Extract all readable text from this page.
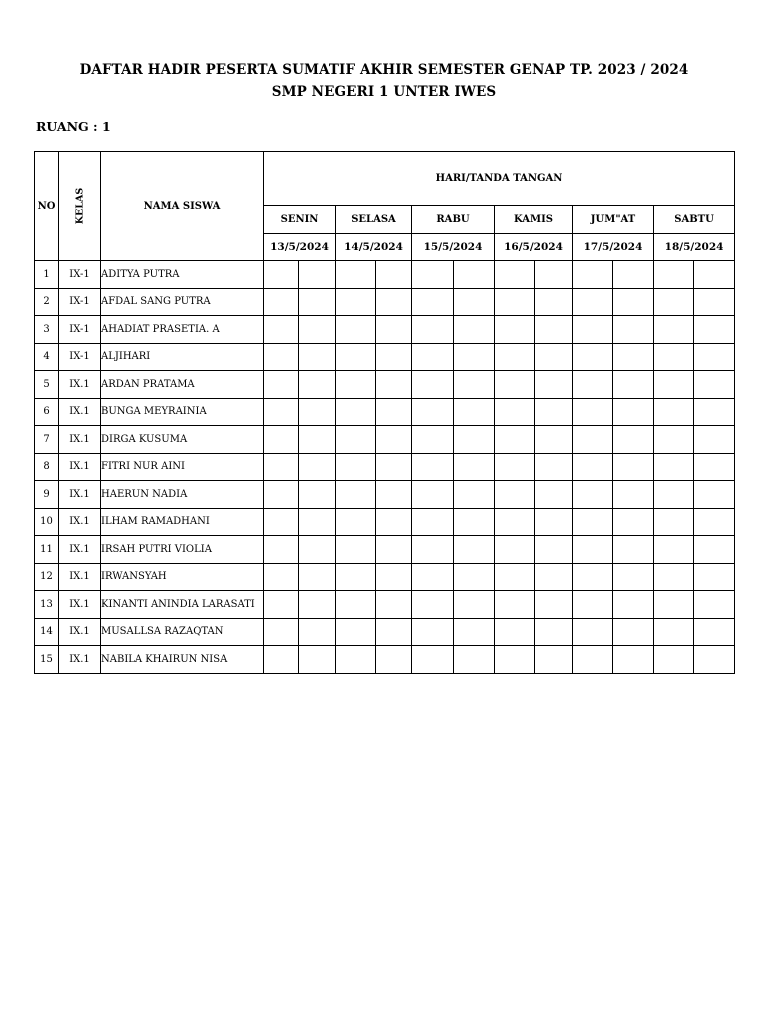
DAFTAR HADIR PESERTA SUMATIF AKHIR SEMESTER GENAP TP. 2023 / 2024
SMP NEGERI 1 UNTER IWES
RUANG : 1
NO	KELAS	NAMA SISWA	HARI/TANDA TANGAN											
			SENIN		SELASA		RABU		KAMIS		JUM"AT		SABTU	
			13/5/2024		14/5/2024		15/5/2024		16/5/2024		17/5/2024		18/5/2024	
1	IX-1	ADITYA PUTRA												
2	IX-1	AFDAL SANG PUTRA												
3	IX-1	AHADIAT PRASETIA. A												
4	IX-1	ALJIHARI												
5	IX.1	ARDAN PRATAMA												
6	IX.1	BUNGA MEYRAINIA												
7	IX.1	DIRGA KUSUMA												
8	IX.1	FITRI NUR AINI												
9	IX.1	HAERUN NADIA												
10	IX.1	ILHAM RAMADHANI												
11	IX.1	IRSAH PUTRI VIOLIA												
12	IX.1	IRWANSYAH												
13	IX.1	KINANTI ANINDIA LARASATI												
14	IX.1	MUSALLSA RAZAQTAN												
15	IX.1	NABILA KHAIRUN NISA												
